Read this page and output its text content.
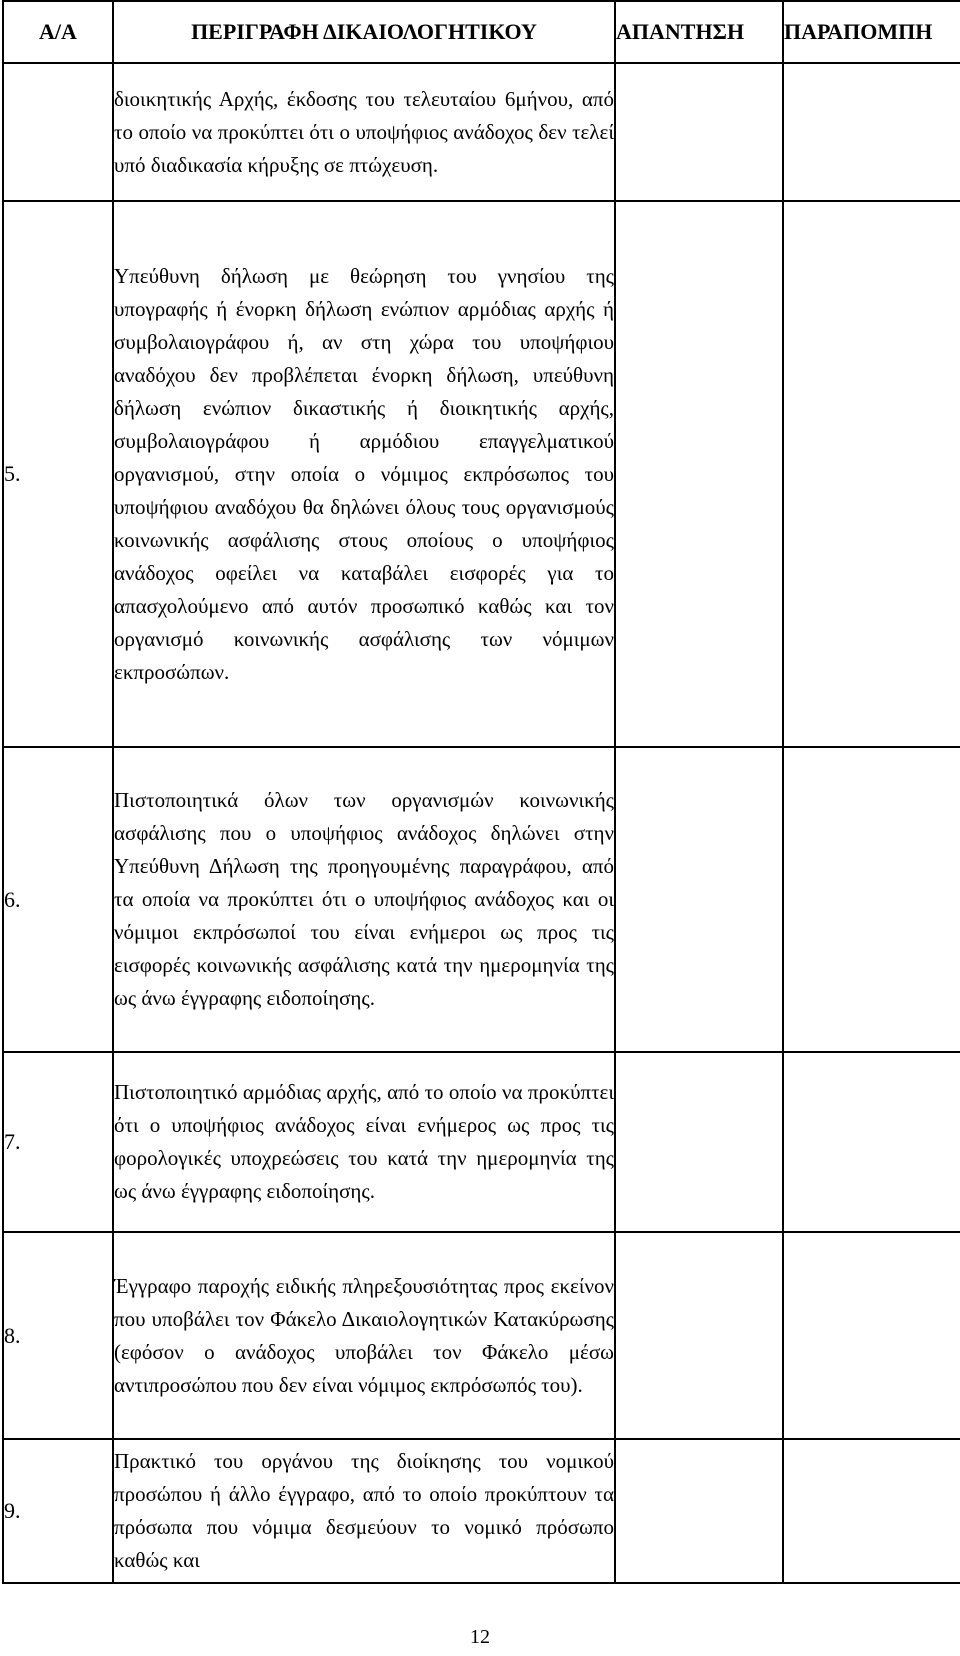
Α/Α	ΠΕΡΙΓΡΑΦΗ ΔΙΚΑΙΟΛΟΓΗΤΙΚΟΥ	ΑΠΑΝΤΗΣΗ	ΠΑΡΑΠΟΜΠΗ
	διοικητικής Αρχής, έκδοσης του τελευταίου 6μήνου, από το οποίο να προκύπτει ότι ο υποψήφιος ανάδοχος δεν τελεί υπό διαδικασία κήρυξης σε πτώχευση.		
5.	Υπεύθυνη δήλωση με θεώρηση του γνησίου της υπογραφής ή ένορκη δήλωση ενώπιον αρμόδιας αρχής ή συμβολαιογράφου ή, αν στη χώρα του υποψήφιου αναδόχου δεν προβλέπεται ένορκη δήλωση, υπεύθυνη δήλωση ενώπιον δικαστικής ή διοικητικής αρχής, συμβολαιογράφου ή αρμόδιου επαγγελματικού οργανισμού, στην οποία ο νόμιμος εκπρόσωπος του υποψήφιου αναδόχου θα δηλώνει όλους τους οργανισμούς κοινωνικής ασφάλισης στους οποίους ο υποψήφιος ανάδοχος οφείλει να καταβάλει εισφορές για το απασχολούμενο από αυτόν προσωπικό καθώς και τον οργανισμό κοινωνικής ασφάλισης των νόμιμων εκπροσώπων.		
6.	Πιστοποιητικά όλων των οργανισμών κοινωνικής ασφάλισης που ο υποψήφιος ανάδοχος δηλώνει στην Υπεύθυνη Δήλωση της προηγουμένης παραγράφου, από τα οποία να προκύπτει ότι ο υποψήφιος ανάδοχος και οι νόμιμοι εκπρόσωποί του είναι ενήμεροι ως προς τις εισφορές κοινωνικής ασφάλισης κατά την ημερομηνία της ως άνω έγγραφης ειδοποίησης.		
7.	Πιστοποιητικό αρμόδιας αρχής, από το οποίο να προκύπτει ότι ο υποψήφιος ανάδοχος είναι ενήμερος ως προς τις φορολογικές υποχρεώσεις του κατά την ημερομηνία της ως άνω έγγραφης ειδοποίησης.		
8.	Έγγραφο παροχής ειδικής πληρεξουσιότητας προς εκείνον που υποβάλει τον Φάκελο Δικαιολογητικών Κατακύρωσης (εφόσον ο ανάδοχος υποβάλει τον Φάκελο μέσω αντιπροσώπου που δεν είναι νόμιμος εκπρόσωπός του).		
9.	Πρακτικό του οργάνου της διοίκησης του νομικού προσώπου ή άλλο έγγραφο, από το οποίο προκύπτουν τα πρόσωπα που νόμιμα δεσμεύουν το νομικό πρόσωπο καθώς και		
12
